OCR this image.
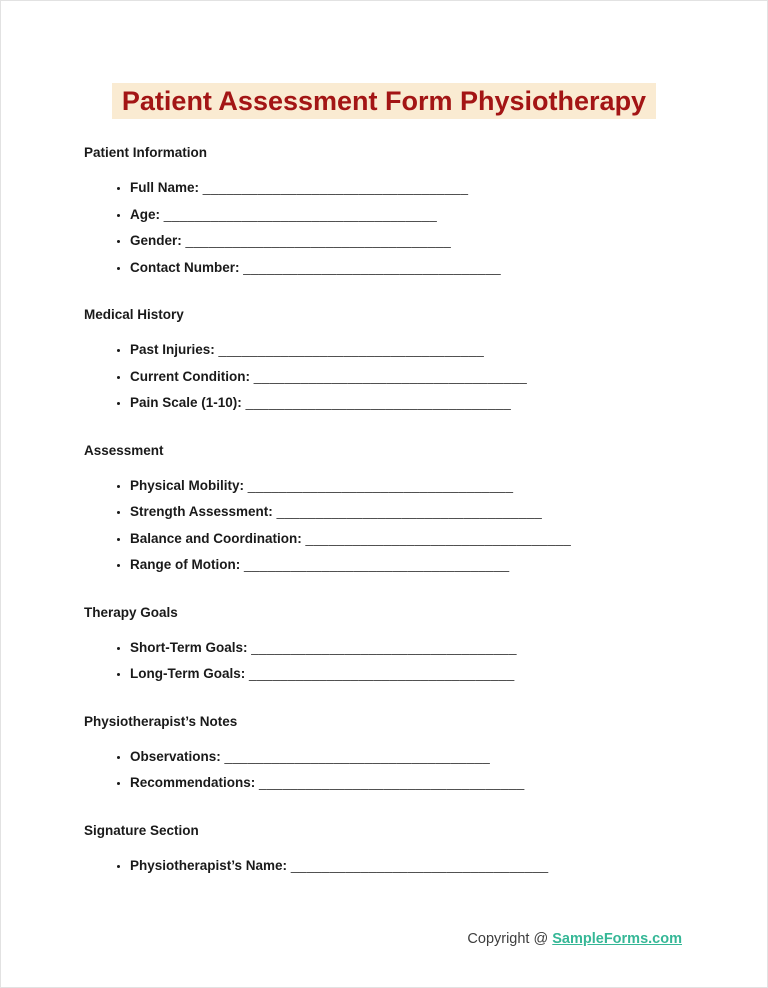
Patient Assessment Form Physiotherapy
Patient Information
• Full Name: __________________________________
• Age: ___________________________________
• Gender: __________________________________
• Contact Number: _________________________________
Medical History
• Past Injuries: __________________________________
• Current Condition: ___________________________________
• Pain Scale (1-10): __________________________________
Assessment
• Physical Mobility: __________________________________
• Strength Assessment: __________________________________
• Balance and Coordination: __________________________________
• Range of Motion: __________________________________
Therapy Goals
• Short-Term Goals: __________________________________
• Long-Term Goals: __________________________________
Physiotherapist’s Notes
• Observations: __________________________________
• Recommendations: __________________________________
Signature Section
• Physiotherapist’s Name: _________________________________
Copyright @ SampleForms.com
